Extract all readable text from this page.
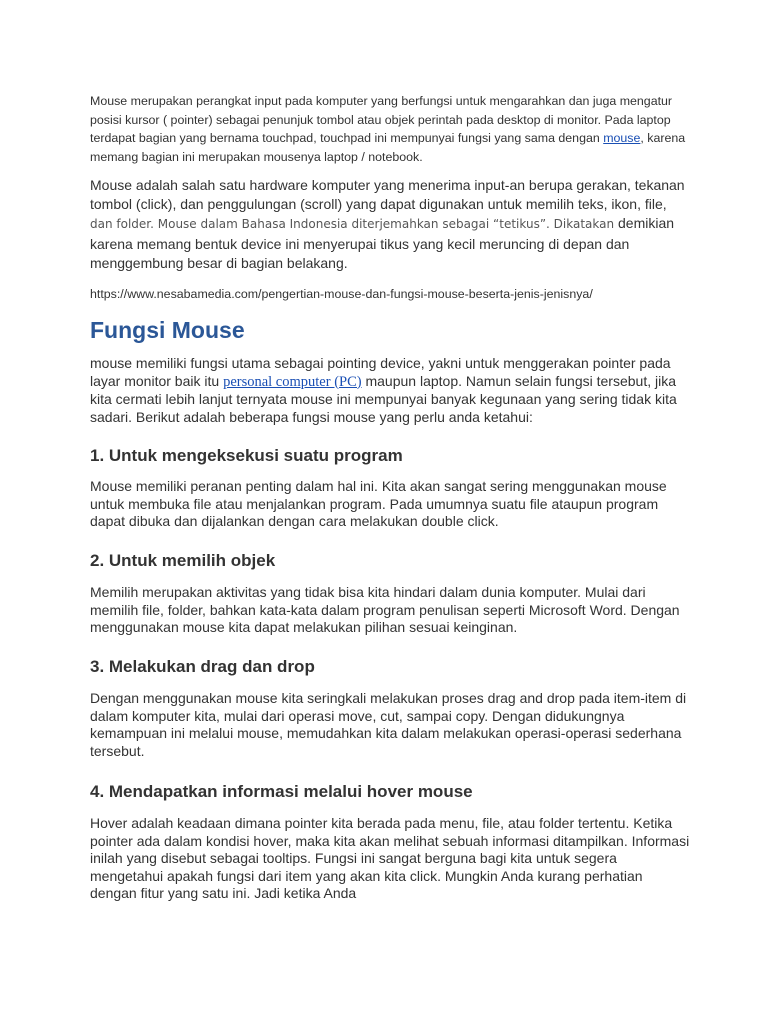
Mouse merupakan perangkat input pada komputer yang berfungsi untuk mengarahkan dan juga mengatur posisi kursor ( pointer) sebagai penunjuk tombol atau objek perintah pada desktop di monitor. Pada laptop terdapat bagian yang bernama touchpad, touchpad ini mempunyai fungsi yang sama dengan mouse, karena memang bagian ini merupakan mousenya laptop / notebook.

Mouse adalah salah satu hardware komputer yang menerima input-an berupa gerakan, tekanan tombol (click), dan penggulungan (scroll) yang dapat digunakan untuk memilih teks, ikon, file, dan folder. Mouse dalam Bahasa Indonesia diterjemahkan sebagai “tetikus”. Dikatakan demikian karena memang bentuk device ini menyerupai tikus yang kecil meruncing di depan dan menggembung besar di bagian belakang.

https://www.nesabamedia.com/pengertian-mouse-dan-fungsi-mouse-beserta-jenis-jenisnya/

Fungsi Mouse

mouse memiliki fungsi utama sebagai pointing device, yakni untuk menggerakan pointer pada layar monitor baik itu personal computer (PC) maupun laptop. Namun selain fungsi tersebut, jika kita cermati lebih lanjut ternyata mouse ini mempunyai banyak kegunaan yang sering tidak kita sadari. Berikut adalah beberapa fungsi mouse yang perlu anda ketahui:

1. Untuk mengeksekusi suatu program

Mouse memiliki peranan penting dalam hal ini. Kita akan sangat sering menggunakan mouse untuk membuka file atau menjalankan program. Pada umumnya suatu file ataupun program dapat dibuka dan dijalankan dengan cara melakukan double click.

2. Untuk memilih objek

Memilih merupakan aktivitas yang tidak bisa kita hindari dalam dunia komputer. Mulai dari memilih file, folder, bahkan kata-kata dalam program penulisan seperti Microsoft Word. Dengan menggunakan mouse kita dapat melakukan pilihan sesuai keinginan.

3. Melakukan drag dan drop

Dengan menggunakan mouse kita seringkali melakukan proses drag and drop pada item-item di dalam komputer kita, mulai dari operasi move, cut, sampai copy. Dengan didukungnya kemampuan ini melalui mouse, memudahkan kita dalam melakukan operasi-operasi sederhana tersebut.

4. Mendapatkan informasi melalui hover mouse

Hover adalah keadaan dimana pointer kita berada pada menu, file, atau folder tertentu. Ketika pointer ada dalam kondisi hover, maka kita akan melihat sebuah informasi ditampilkan. Informasi inilah yang disebut sebagai tooltips. Fungsi ini sangat berguna bagi kita untuk segera mengetahui apakah fungsi dari item yang akan kita click. Mungkin Anda kurang perhatian dengan fitur yang satu ini. Jadi ketika Anda
